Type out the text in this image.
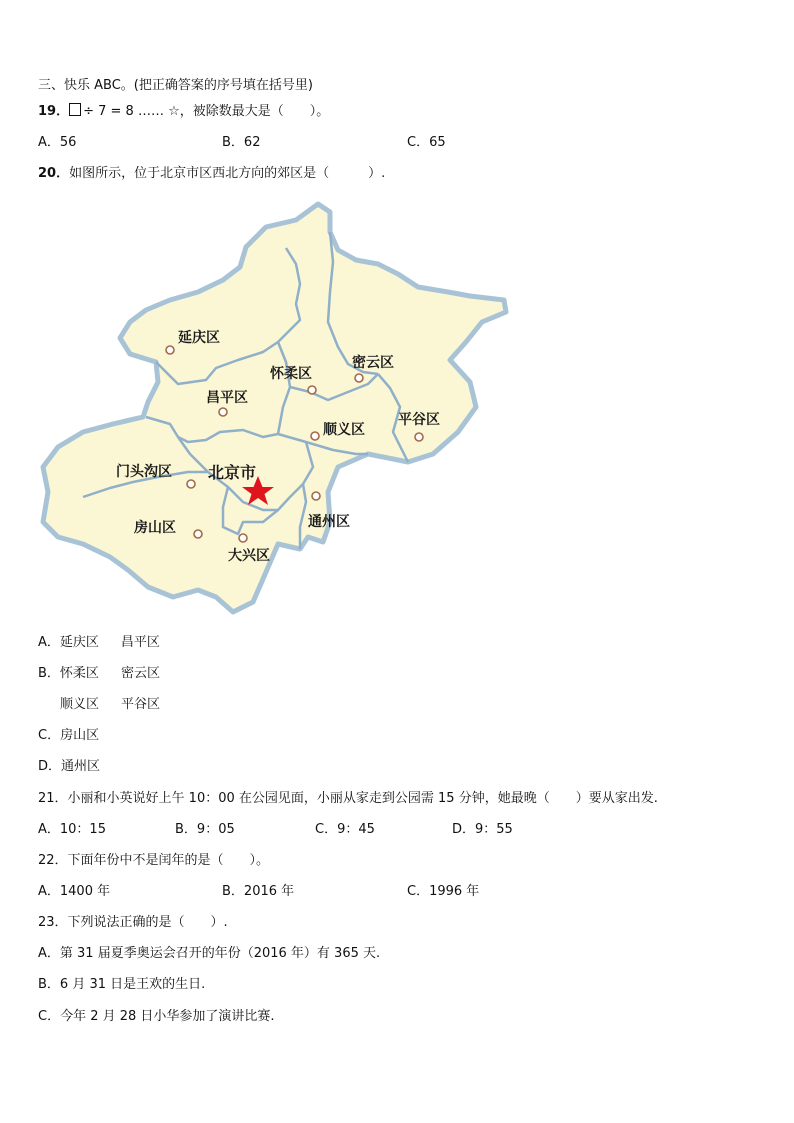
三、快乐 ABC。(把正确答案的序号填在括号里)
19． ÷ 7 = 8 …… ☆，被除数最大是（　　）。
A．56	B．62	C．65
20．如图所示，位于北京市区西北方向的郊区是（　　　）.
延庆区
怀柔区
密云区
昌平区
平谷区
顺义区
门头沟区 北京市
通州区
房山区
大兴区
A．延庆区 昌平区
B．怀柔区 密云区
顺义区 平谷区
C．房山区
D．通州区
21．小丽和小英说好上午 10：00 在公园见面，小丽从家走到公园需 15 分钟，她最晚（　　）要从家出发.
A．10：15	B．9：05	C．9：45	D．9：55
22．下面年份中不是闰年的是（　　）。
A．1400 年	B．2016 年	C．1996 年
23．下列说法正确的是（　　）.
A．第 31 届夏季奥运会召开的年份（2016 年）有 365 天.
B．6 月 31 日是王欢的生日.
C．今年 2 月 28 日小华参加了演讲比赛.
